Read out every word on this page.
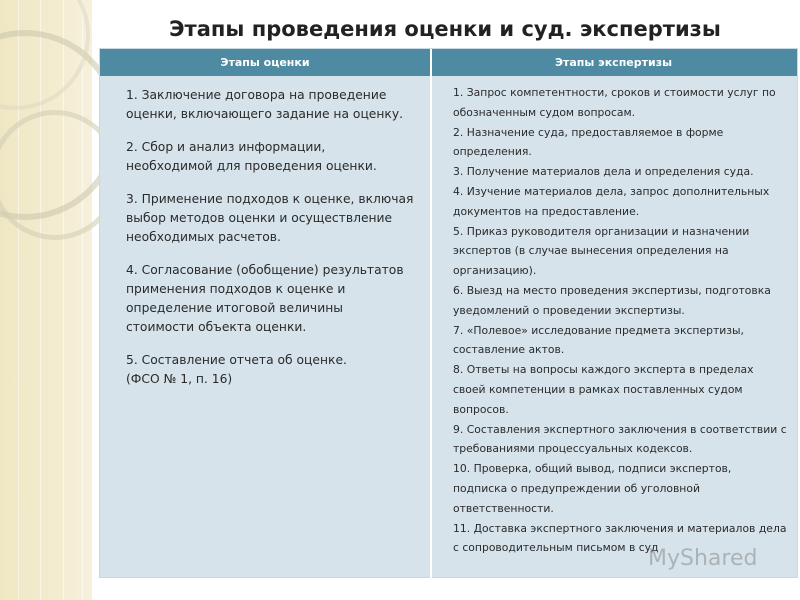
Этапы проведения оценки и суд. экспертизы
Этапы оценки	Этапы экспертизы
1. Заключение договора на проведение
оценки, включающего задание на оценку.
2. Сбор и анализ информации,
необходимой для проведения оценки.
3. Применение подходов к оценке, включая
выбор методов оценки и осуществление
необходимых расчетов.
4. Согласование (обобщение) результатов
применения подходов к оценке и
определение итоговой величины
стоимости объекта оценки.
5. Составление отчета об оценке.
(ФСО № 1, п. 16)
1. Запрос компетентности, сроков и стоимости услуг по обозначенным судом вопросам.
2. Назначение суда, предоставляемое в форме определения.
3. Получение материалов дела и определения суда.
4. Изучение материалов дела, запрос дополнительных документов на предоставление.
5. Приказ руководителя организации и назначении экспертов (в случае вынесения определения на организацию).
6. Выезд на место проведения экспертизы, подготовка уведомлений о проведении экспертизы.
7. «Полевое» исследование предмета экспертизы, составление актов.
8. Ответы на вопросы каждого эксперта в пределах своей компетенции в рамках поставленных судом вопросов.
9. Составления экспертного заключения в соответствии с требованиями процессуальных кодексов.
10. Проверка, общий вывод, подписи экспертов, подписка о предупреждении об уголовной ответственности.
11. Доставка экспертного заключения и материалов дела с сопроводительным письмом в суд
MyShared
